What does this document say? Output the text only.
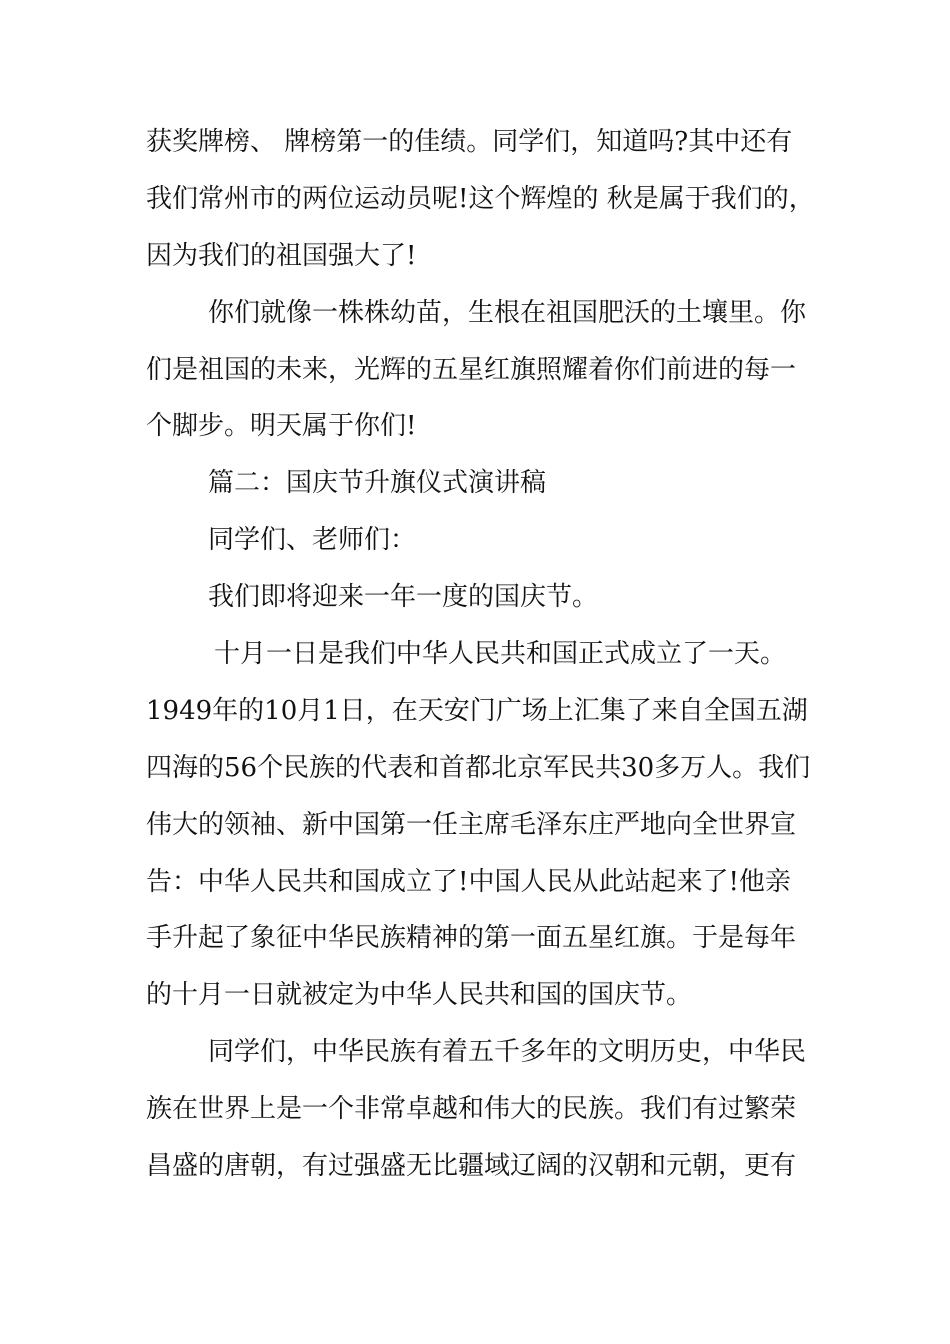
获奖牌榜、 牌榜第一的佳绩。同学们，知道吗?其中还有
我们常州市的两位运动员呢!这个辉煌的 秋是属于我们的，
因为我们的祖国强大了!
你们就像一株株幼苗，生根在祖国肥沃的土壤里。你
们是祖国的未来，光辉的五星红旗照耀着你们前进的每一
个脚步。明天属于你们!
篇二：国庆节升旗仪式演讲稿
同学们、老师们：
我们即将迎来一年一度的国庆节。
十月一日是我们中华人民共和国正式成立了一天。
1949年的10月1日，在天安门广场上汇集了来自全国五湖
四海的56个民族的代表和首都北京军民共30多万人。我们
伟大的领袖、新中国第一任主席毛泽东庄严地向全世界宣
告：中华人民共和国成立了!中国人民从此站起来了!他亲
手升起了象征中华民族精神的第一面五星红旗。于是每年
的十月一日就被定为中华人民共和国的国庆节。
同学们，中华民族有着五千多年的文明历史，中华民
族在世界上是一个非常卓越和伟大的民族。我们有过繁荣
昌盛的唐朝，有过强盛无比疆域辽阔的汉朝和元朝，更有
